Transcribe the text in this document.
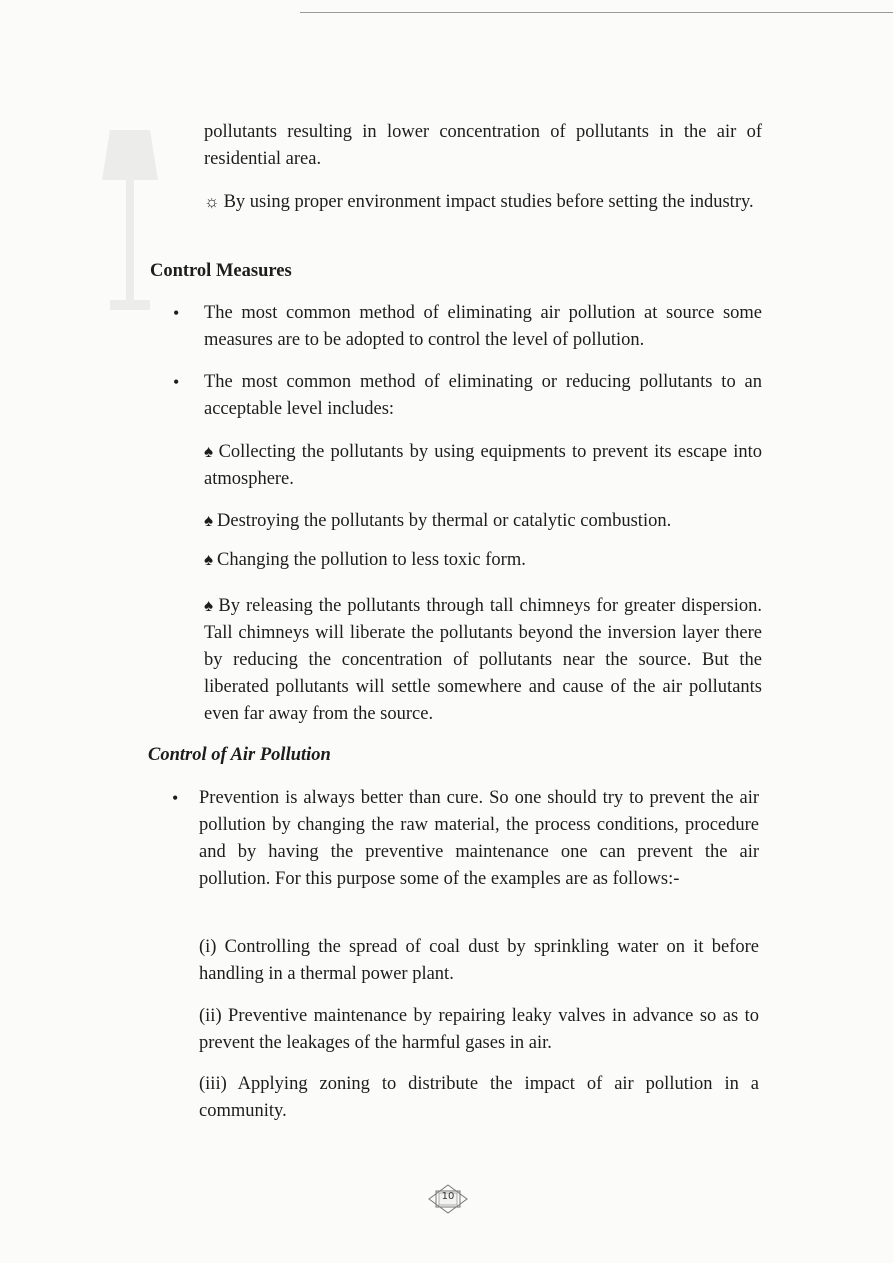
pollutants resulting in lower concentration of pollutants in the air of residential area.

☼ By using proper environment impact studies before setting the industry.

Control Measures
• The most common method of eliminating air pollution at source some measures are to be adopted to control the level of pollution.

• The most common method of eliminating or reducing pollutants to an acceptable level includes:

♠ Collecting the pollutants by using equipments to prevent its escape into atmosphere.

♠ Destroying the pollutants by thermal or catalytic combustion.

♠ Changing the pollution to less toxic form.

♠ By releasing the pollutants through tall chimneys for greater dispersion. Tall chimneys will liberate the pollutants beyond the inversion layer there by reducing the concentration of pollutants near the source. But the liberated pollutants will settle somewhere and cause of the air pollutants even far away from the source.

Control of Air Pollution
• Prevention is always better than cure. So one should try to prevent the air pollution by changing the raw material, the process conditions, procedure and by having the preventive maintenance one can prevent the air pollution. For this purpose some of the examples are as follows:-

(i) Controlling the spread of coal dust by sprinkling water on it before handling in a thermal power plant.

(ii) Preventive maintenance by repairing leaky valves in advance so as to prevent the leakages of the harmful gases in air.

(iii) Applying zoning to distribute the impact of air pollution in a community.

10
